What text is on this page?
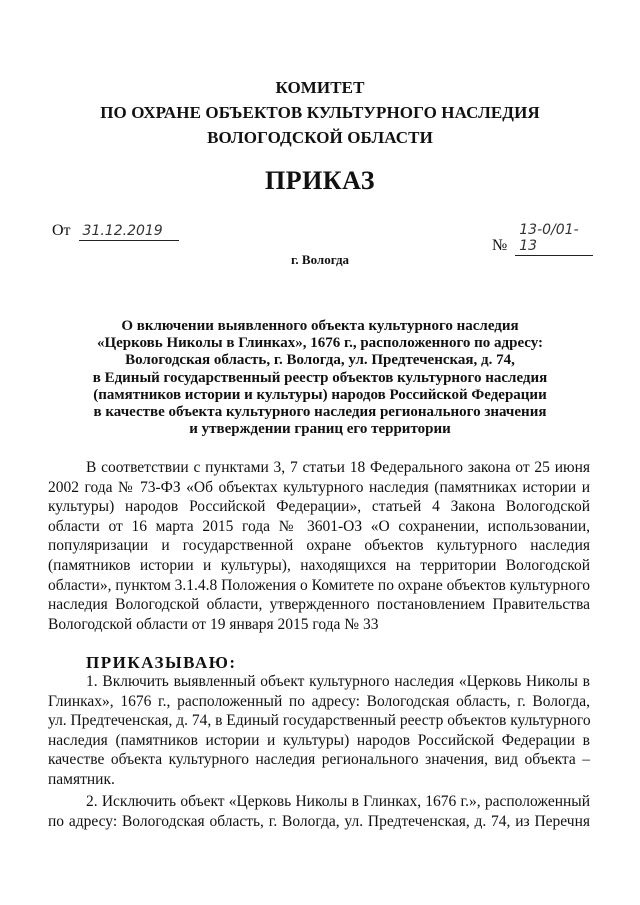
КОМИТЕТ
ПО ОХРАНЕ ОБЪЕКТОВ КУЛЬТУРНОГО НАСЛЕДИЯ
ВОЛОГОДСКОЙ ОБЛАСТИ
ПРИКАЗ
От 31.12.2019
№ 13-0/01-13
г. Вологда
О включении выявленного объекта культурного наследия
«Церковь Николы в Глинках», 1676 г., расположенного по адресу:
Вологодская область, г. Вологда, ул. Предтеченская, д. 74,
в Единый государственный реестр объектов культурного наследия
(памятников истории и культуры) народов Российской Федерации
в качестве объекта культурного наследия регионального значения
и утверждении границ его территории
В соответствии с пунктами 3, 7 статьи 18 Федерального закона от 25 июня
2002 года № 73-ФЗ «Об объектах культурного наследия (памятниках истории и
культуры) народов Российской Федерации», статьей 4 Закона Вологодской
области от 16 марта 2015 года № 3601-ОЗ «О сохранении, использовании,
популяризации и государственной охране объектов культурного наследия
(памятников истории и культуры), находящихся на территории Вологодской
области», пунктом 3.1.4.8 Положения о Комитете по охране объектов культурного
наследия Вологодской области, утвержденного постановлением Правительства
Вологодской области от 19 января 2015 года № 33
ПРИКАЗЫВАЮ:
1. Включить выявленный объект культурного наследия «Церковь Николы в
Глинках», 1676 г., расположенный по адресу: Вологодская область, г. Вологда,
ул. Предтеченская, д. 74, в Единый государственный реестр объектов культурного
наследия (памятников истории и культуры) народов Российской Федерации в
качестве объекта культурного наследия регионального значения, вид объекта –
памятник.
2. Исключить объект «Церковь Николы в Глинках, 1676 г.», расположенный
по адресу: Вологодская область, г. Вологда, ул. Предтеченская, д. 74, из Перечня
